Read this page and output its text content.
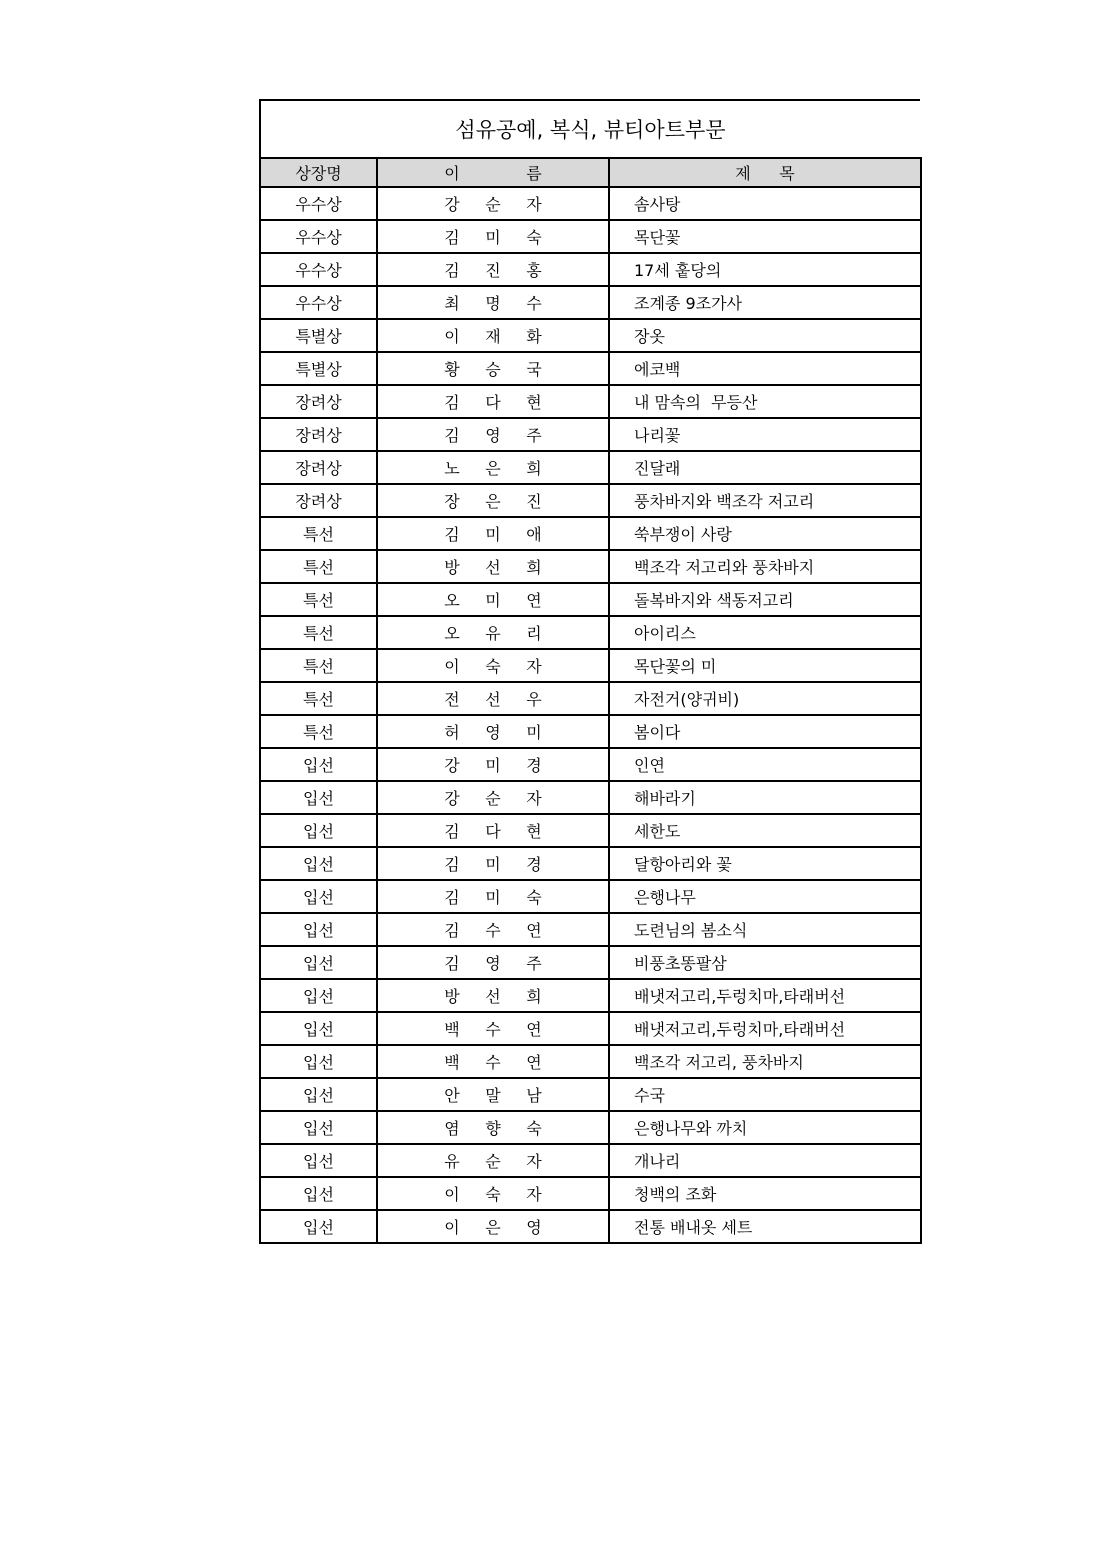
섬유공예, 복식, 뷰티아트부문
상장명	이 름	제 목

우수상	강 순 자	솜사탕
우수상	김 미 숙	목단꽃
우수상	김 진 홍	17세 훝당의
우수상	최 명 수	조계종 9조가사
특별상	이 재 화	장옷
특별상	황 승 국	에코백
장려상	김 다 현	내 맘속의  무등산
장려상	김 영 주	나리꽃
장려상	노 은 희	진달래
장려상	장 은 진	풍차바지와 백조각 저고리
특선	김 미 애	쑥부쟁이 사랑
특선	방 선 희	백조각 저고리와 풍차바지
특선	오 미 연	돌복바지와 색동저고리
특선	오 유 리	아이리스
특선	이 숙 자	목단꽃의 미
특선	전 선 우	자전거(양귀비)
특선	허 영 미	봄이다
입선	강 미 경	인연
입선	강 순 자	해바라기
입선	김 다 현	세한도
입선	김 미 경	달항아리와 꽃
입선	김 미 숙	은행나무
입선	김 수 연	도련님의 봄소식
입선	김 영 주	비풍초똥팔삼
입선	방 선 희	배냇저고리,두렁치마,타래버선
입선	백 수 연	배냇저고리,두렁치마,타래버선
입선	백 수 연	백조각 저고리, 풍차바지
입선	안 말 남	수국
입선	염 향 숙	은행나무와 까치
입선	유 순 자	개나리
입선	이 숙 자	청백의 조화
입선	이 은 영	전통 배내옷 세트
